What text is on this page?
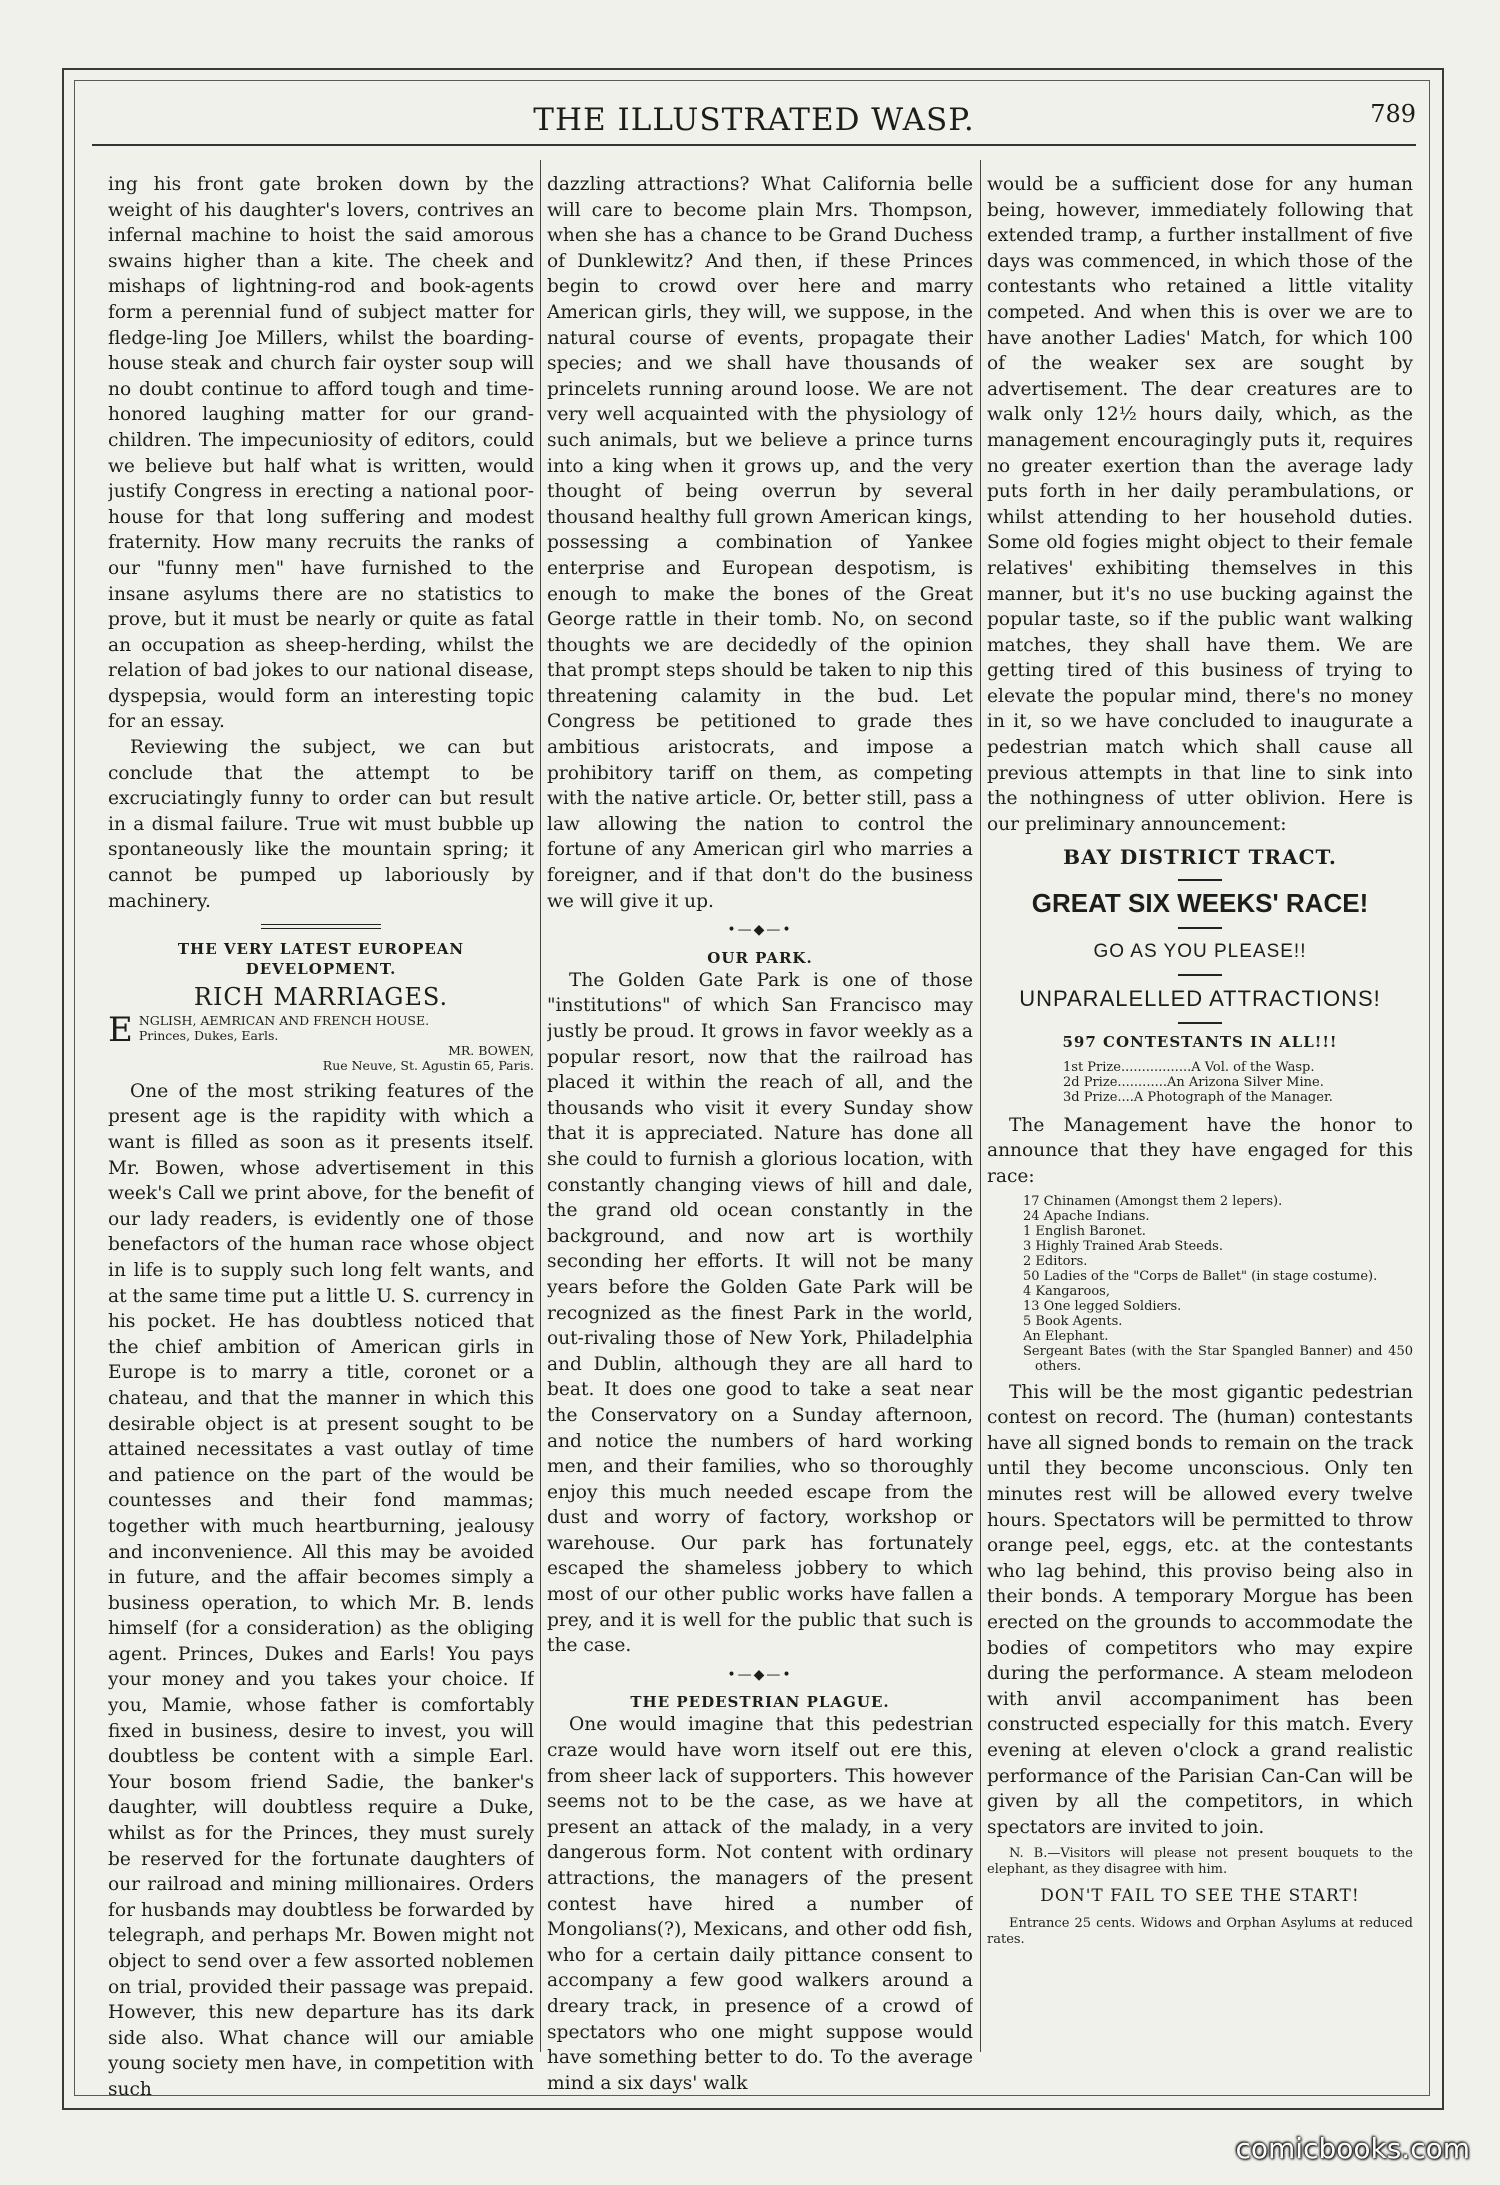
THE ILLUSTRATED WASP.	789

ing his front gate broken down by the weight of his daughter's lovers, contrives an infernal machine to hoist the said amorous swains higher than a kite. The cheek and mishaps of lightning-rod and book-agents form a perennial fund of subject matter for fledge-ling Joe Millers, whilst the boarding-house steak and church fair oyster soup will no doubt continue to afford tough and time-honored laughing matter for our grand-children. The impecuniosity of editors, could we believe but half what is written, would justify Congress in erecting a national poor-house for that long suffering and modest fraternity. How many recruits the ranks of our "funny men" have furnished to the insane asylums there are no statistics to prove, but it must be nearly or quite as fatal an occupation as sheep-herding, whilst the relation of bad jokes to our national disease, dyspepsia, would form an interesting topic for an essay.

Reviewing the subject, we can but conclude that the attempt to be excruciatingly funny to order can but result in a dismal failure. True wit must bubble up spontaneously like the mountain spring; it cannot be pumped up laboriously by machinery.

THE VERY LATEST EUROPEAN DEVELOPMENT.

RICH MARRIAGES.

E NGLISH, AEMRICAN AND FRENCH HOUSE.
Princes, Dukes, Earls.
MR. BOWEN,
Rue Neuve, St. Agustin 65, Paris.

One of the most striking features of the present age is the rapidity with which a want is filled as soon as it presents itself. Mr. Bowen, whose advertisement in this week's Call we print above, for the benefit of our lady readers, is evidently one of those benefactors of the human race whose object in life is to supply such long felt wants, and at the same time put a little U. S. currency in his pocket. He has doubtless noticed that the chief ambition of American girls in Europe is to marry a title, coronet or a chateau, and that the manner in which this desirable object is at present sought to be attained necessitates a vast outlay of time and patience on the part of the would be countesses and their fond mammas; together with much heartburning, jealousy and inconvenience. All this may be avoided in future, and the affair becomes simply a business operation, to which Mr. B. lends himself (for a consideration) as the obliging agent. Princes, Dukes and Earls! You pays your money and you takes your choice. If you, Mamie, whose father is comfortably fixed in business, desire to invest, you will doubtless be content with a simple Earl. Your bosom friend Sadie, the banker's daughter, will doubtless require a Duke, whilst as for the Princes, they must surely be reserved for the fortunate daughters of our railroad and mining millionaires. Orders for husbands may doubtless be forwarded by telegraph, and perhaps Mr. Bowen might not object to send over a few assorted noblemen on trial, provided their passage was prepaid. However, this new departure has its dark side also. What chance will our amiable young society men have, in competition with such

dazzling attractions? What California belle will care to become plain Mrs. Thompson, when she has a chance to be Grand Duchess of Dunklewitz? And then, if these Princes begin to crowd over here and marry American girls, they will, we suppose, in the natural course of events, propagate their species; and we shall have thousands of princelets running around loose. We are not very well acquainted with the physiology of such animals, but we believe a prince turns into a king when it grows up, and the very thought of being overrun by several thousand healthy full grown American kings, possessing a combination of Yankee enterprise and European despotism, is enough to make the bones of the Great George rattle in their tomb. No, on second thoughts we are decidedly of the opinion that prompt steps should be taken to nip this threatening calamity in the bud. Let Congress be petitioned to grade thes ambitious aristocrats, and impose a prohibitory tariff on them, as competing with the native article. Or, better still, pass a law allowing the nation to control the fortune of any American girl who marries a foreigner, and if that don't do the business we will give it up.

•—◆—•

OUR PARK.

The Golden Gate Park is one of those "institutions" of which San Francisco may justly be proud. It grows in favor weekly as a popular resort, now that the railroad has placed it within the reach of all, and the thousands who visit it every Sunday show that it is appreciated. Nature has done all she could to furnish a glorious location, with constantly changing views of hill and dale, the grand old ocean constantly in the background, and now art is worthily seconding her efforts. It will not be many years before the Golden Gate Park will be recognized as the finest Park in the world, out-rivaling those of New York, Philadelphia and Dublin, although they are all hard to beat. It does one good to take a seat near the Conservatory on a Sunday afternoon, and notice the numbers of hard working men, and their families, who so thoroughly enjoy this much needed escape from the dust and worry of factory, workshop or warehouse. Our park has fortunately escaped the shameless jobbery to which most of our other public works have fallen a prey, and it is well for the public that such is the case.

•—◆—•

THE PEDESTRIAN PLAGUE.

One would imagine that this pedestrian craze would have worn itself out ere this, from sheer lack of supporters. This however seems not to be the case, as we have at present an attack of the malady, in a very dangerous form. Not content with ordinary attractions, the managers of the present contest have hired a number of Mongolians(?), Mexicans, and other odd fish, who for a certain daily pittance consent to accompany a few good walkers around a dreary track, in presence of a crowd of spectators who one might suppose would have something better to do. To the average mind a six days' walk

would be a sufficient dose for any human being, however, immediately following that extended tramp, a further installment of five days was commenced, in which those of the contestants who retained a little vitality competed. And when this is over we are to have another Ladies' Match, for which 100 of the weaker sex are sought by advertisement. The dear creatures are to walk only 12½ hours daily, which, as the management encouragingly puts it, requires no greater exertion than the average lady puts forth in her daily perambulations, or whilst attending to her household duties. Some old fogies might object to their female relatives' exhibiting themselves in this manner, but it's no use bucking against the popular taste, so if the public want walking matches, they shall have them. We are getting tired of this business of trying to elevate the popular mind, there's no money in it, so we have concluded to inaugurate a pedestrian match which shall cause all previous attempts in that line to sink into the nothingness of utter oblivion. Here is our preliminary announcement:

BAY DISTRICT TRACT.

GREAT SIX WEEKS' RACE!

GO AS YOU PLEASE!!

UNPARALELLED ATTRACTIONS!

597 CONTESTANTS IN ALL!!!

1st Prize.................A Vol. of the Wasp.
2d Prize............An Arizona Silver Mine.
3d Prize....A Photograph of the Manager.

The Management have the honor to announce that they have engaged for this race:

17 Chinamen (Amongst them 2 lepers).
24 Apache Indians.
1 English Baronet.
3 Highly Trained Arab Steeds.
2 Editors.
50 Ladies of the "Corps de Ballet" (in stage costume).
4 Kangaroos,
13 One legged Soldiers.
5 Book Agents.
An Elephant.
Sergeant Bates (with the Star Spangled Banner) and 450 others.

This will be the most gigantic pedestrian contest on record. The (human) contestants have all signed bonds to remain on the track until they become unconscious. Only ten minutes rest will be allowed every twelve hours. Spectators will be permitted to throw orange peel, eggs, etc. at the contestants who lag behind, this proviso being also in their bonds. A temporary Morgue has been erected on the grounds to accommodate the bodies of competitors who may expire during the performance. A steam melodeon with anvil accompaniment has been constructed especially for this match. Every evening at eleven o'clock a grand realistic performance of the Parisian Can-Can will be given by all the competitors, in which spectators are invited to join.

N. B.—Visitors will please not present bouquets to the elephant, as they disagree with him.

DON'T FAIL TO SEE THE START!

Entrance 25 cents. Widows and Orphan Asylums at reduced rates.

comicbooks.com
